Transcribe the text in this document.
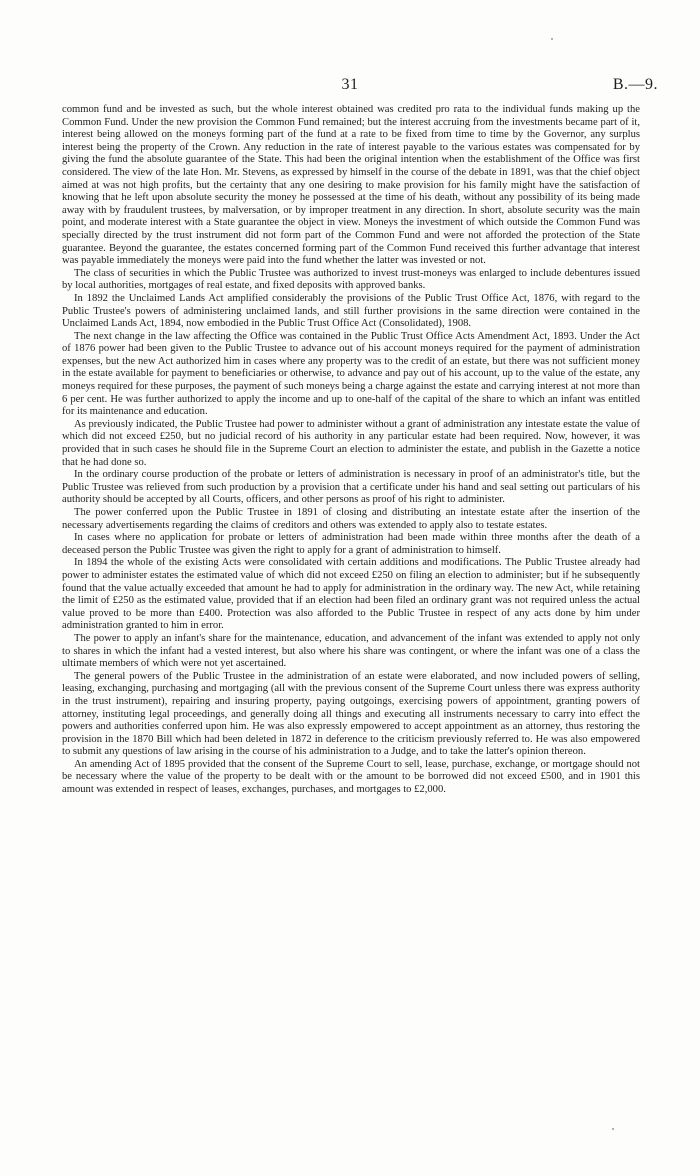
31	B.—9.

common fund and be invested as such, but the whole interest obtained was credited pro rata to the individual funds making up the Common Fund. Under the new provision the Common Fund remained; but the interest accruing from the investments became part of it, interest being allowed on the moneys forming part of the fund at a rate to be fixed from time to time by the Governor, any surplus interest being the property of the Crown. Any reduction in the rate of interest payable to the various estates was compensated for by giving the fund the absolute guarantee of the State. This had been the original intention when the establishment of the Office was first considered. The view of the late Hon. Mr. Stevens, as expressed by himself in the course of the debate in 1891, was that the chief object aimed at was not high profits, but the certainty that any one desiring to make provision for his family might have the satisfaction of knowing that he left upon absolute security the money he possessed at the time of his death, without any possibility of its being made away with by fraudulent trustees, by malversation, or by improper treatment in any direction. In short, absolute security was the main point, and moderate interest with a State guarantee the object in view. Moneys the investment of which outside the Common Fund was specially directed by the trust instrument did not form part of the Common Fund and were not afforded the protection of the State guarantee. Beyond the guarantee, the estates concerned forming part of the Common Fund received this further advantage that interest was payable immediately the moneys were paid into the fund whether the latter was invested or not.

The class of securities in which the Public Trustee was authorized to invest trust-moneys was enlarged to include debentures issued by local authorities, mortgages of real estate, and fixed deposits with approved banks.

In 1892 the Unclaimed Lands Act amplified considerably the provisions of the Public Trust Office Act, 1876, with regard to the Public Trustee's powers of administering unclaimed lands, and still further provisions in the same direction were contained in the Unclaimed Lands Act, 1894, now embodied in the Public Trust Office Act (Consolidated), 1908.

The next change in the law affecting the Office was contained in the Public Trust Office Acts Amendment Act, 1893. Under the Act of 1876 power had been given to the Public Trustee to advance out of his account moneys required for the payment of administration expenses, but the new Act authorized him in cases where any property was to the credit of an estate, but there was not sufficient money in the estate available for payment to beneficiaries or otherwise, to advance and pay out of his account, up to the value of the estate, any moneys required for these purposes, the payment of such moneys being a charge against the estate and carrying interest at not more than 6 per cent. He was further authorized to apply the income and up to one-half of the capital of the share to which an infant was entitled for its maintenance and education.

As previously indicated, the Public Trustee had power to administer without a grant of administration any intestate estate the value of which did not exceed £250, but no judicial record of his authority in any particular estate had been required. Now, however, it was provided that in such cases he should file in the Supreme Court an election to administer the estate, and publish in the Gazette a notice that he had done so.

In the ordinary course production of the probate or letters of administration is necessary in proof of an administrator's title, but the Public Trustee was relieved from such production by a provision that a certificate under his hand and seal setting out particulars of his authority should be accepted by all Courts, officers, and other persons as proof of his right to administer.

The power conferred upon the Public Trustee in 1891 of closing and distributing an intestate estate after the insertion of the necessary advertisements regarding the claims of creditors and others was extended to apply also to testate estates.

In cases where no application for probate or letters of administration had been made within three months after the death of a deceased person the Public Trustee was given the right to apply for a grant of administration to himself.

In 1894 the whole of the existing Acts were consolidated with certain additions and modifications. The Public Trustee already had power to administer estates the estimated value of which did not exceed £250 on filing an election to administer; but if he subsequently found that the value actually exceeded that amount he had to apply for administration in the ordinary way. The new Act, while retaining the limit of £250 as the estimated value, provided that if an election had been filed an ordinary grant was not required unless the actual value proved to be more than £400. Protection was also afforded to the Public Trustee in respect of any acts done by him under administration granted to him in error.

The power to apply an infant's share for the maintenance, education, and advancement of the infant was extended to apply not only to shares in which the infant had a vested interest, but also where his share was contingent, or where the infant was one of a class the ultimate members of which were not yet ascertained.

The general powers of the Public Trustee in the administration of an estate were elaborated, and now included powers of selling, leasing, exchanging, purchasing and mortgaging (all with the previous consent of the Supreme Court unless there was express authority in the trust instrument), repairing and insuring property, paying outgoings, exercising powers of appointment, granting powers of attorney, instituting legal proceedings, and generally doing all things and executing all instruments necessary to carry into effect the powers and authorities conferred upon him. He was also expressly empowered to accept appointment as an attorney, thus restoring the provision in the 1870 Bill which had been deleted in 1872 in deference to the criticism previously referred to. He was also empowered to submit any questions of law arising in the course of his administration to a Judge, and to take the latter's opinion thereon.

An amending Act of 1895 provided that the consent of the Supreme Court to sell, lease, purchase, exchange, or mortgage should not be necessary where the value of the property to be dealt with or the amount to be borrowed did not exceed £500, and in 1901 this amount was extended in respect of leases, exchanges, purchases, and mortgages to £2,000.
